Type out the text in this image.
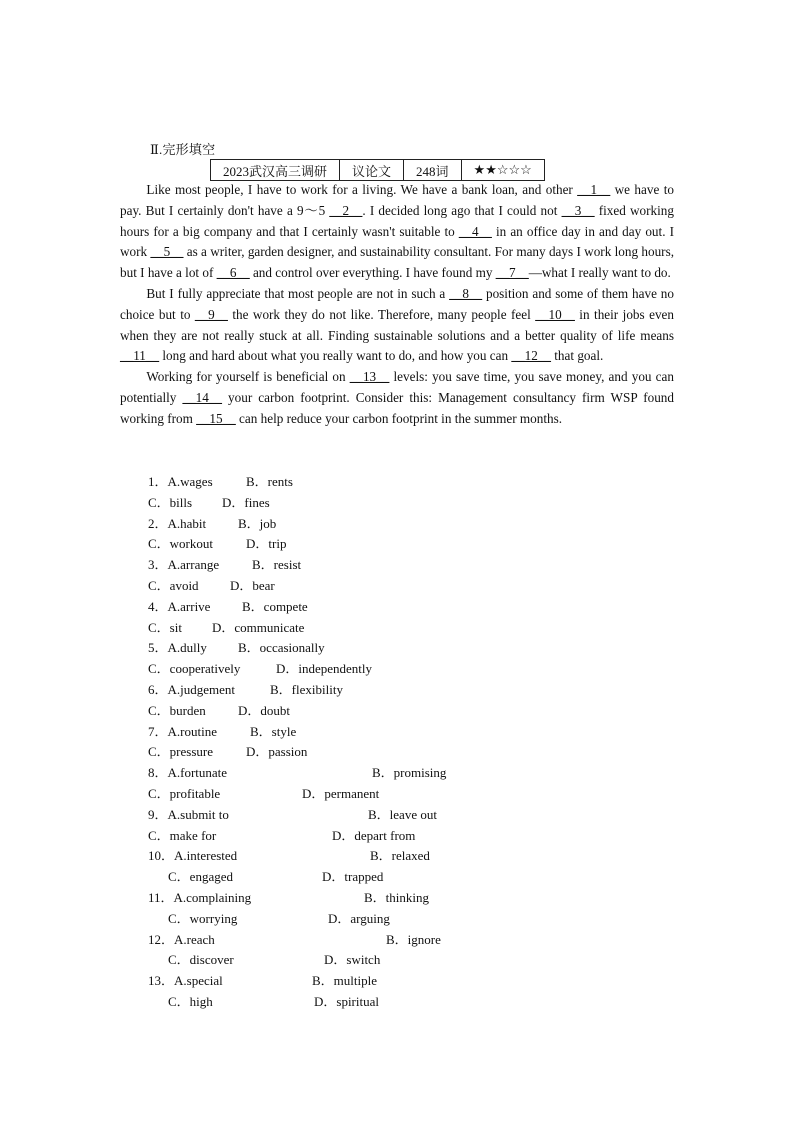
Ⅱ.完形填空
2023武汉高三调研	议论文	248词	★★☆☆☆

Like most people, I have to work for a living. We have a bank loan, and other __1__ we have to pay. But I certainly don't have a 9～5 __2__. I decided long ago that I could not __3__ fixed working hours for a big company and that I certainly wasn't suitable to __4__ in an office day in and day out. I work __5__ as a writer, garden designer, and sustainability consultant. For many days I work long hours, but I have a lot of __6__ and control over everything. I have found my __7__—what I really want to do.

But I fully appreciate that most people are not in such a __8__ position and some of them have no choice but to __9__ the work they do not like. Therefore, many people feel __10__ in their jobs even when they are not really stuck at all. Finding sustainable solutions and a better quality of life means __11__ long and hard about what you really want to do, and how you can __12__ that goal.

Working for yourself is beneficial on __13__ levels: you save time, you save money, and you can potentially __14__ your carbon footprint. Consider this: Management consultancy firm WSP found working from __15__ can help reduce your carbon footprint in the summer months.

1．A.wages	B．rents
C．bills D．fines
2．A.habit B．job
C．workout	D．trip
3．A.arrange	B．resist
C．avoid D．bear
4．A.arrive B．compete
C．sit D．communicate
5．A.dully B．occasionally
C．cooperatively	D．independently
6．A.judgement	B．flexibility
C．burden D．doubt
7．A.routine	B．style
C．pressure	D．passion
8．A.fortunate	B．promising
C．profitable	D．permanent
9．A.submit to	B．leave out
C．make for	D．depart from
10．A.interested	B．relaxed
C．engaged	D．trapped
11．A.complaining	B．thinking
C．worrying	D．arguing
12．A.reach	B．ignore
C．discover	D．switch
13．A.special	B．multiple
C．high	D．spiritual
